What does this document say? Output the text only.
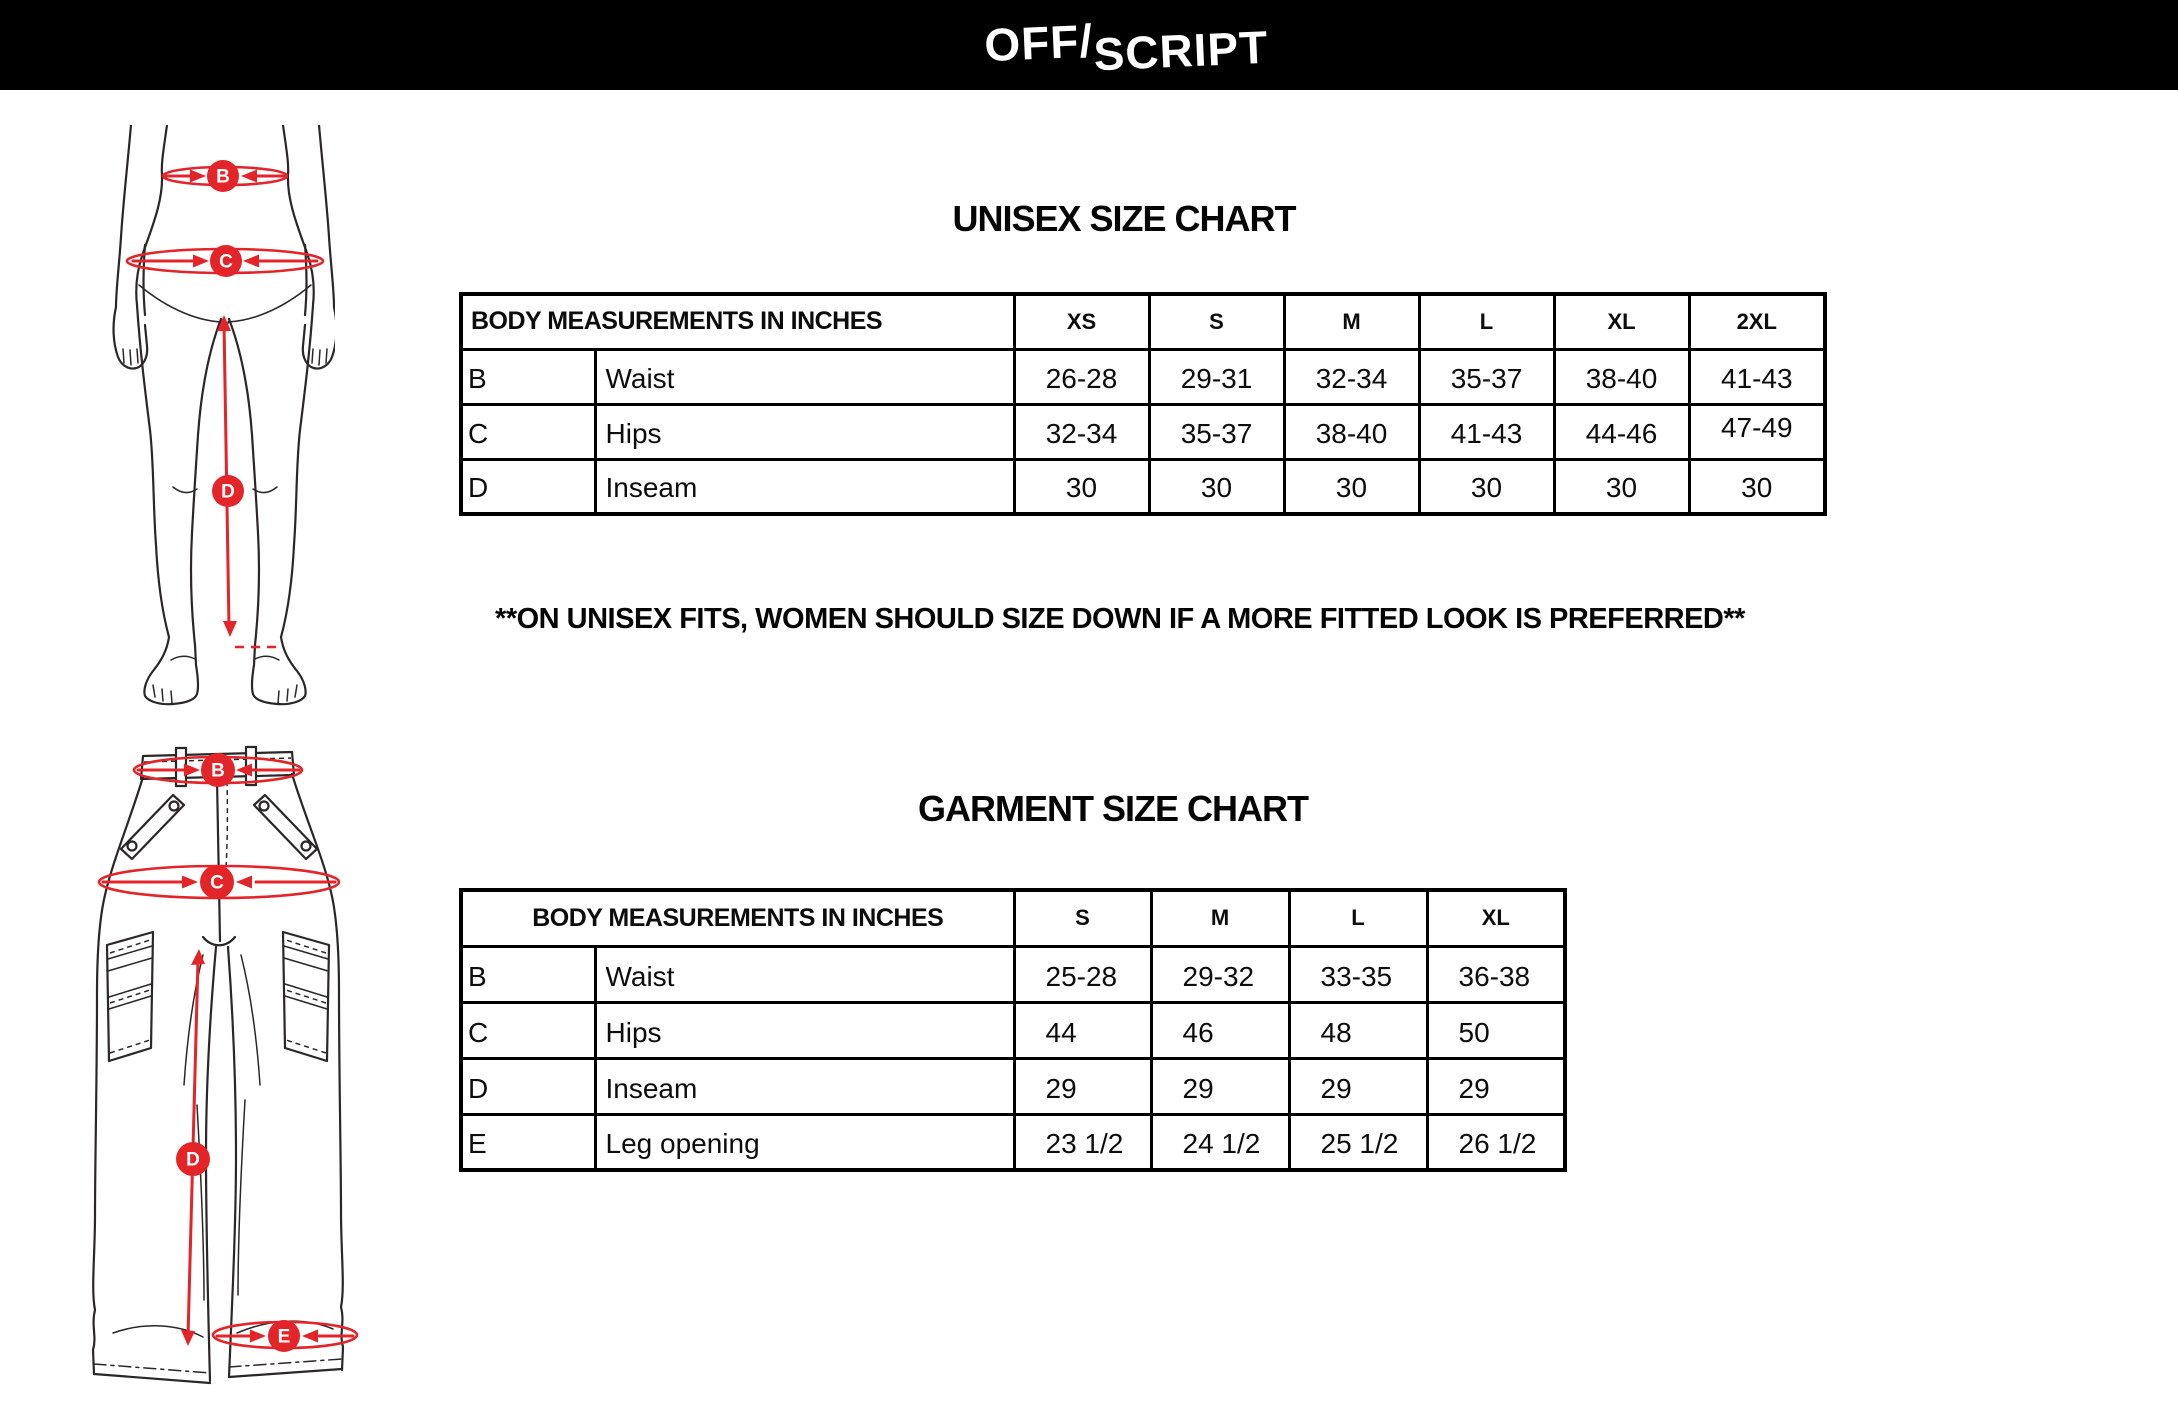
OFF/SCRIPT
B
C
D
B
C
D
E
UNISEX SIZE CHART
BODY MEASUREMENTS IN INCHES		XS	S	M	L	XL	2XL
B	Waist	26-28	29-31	32-34	35-37	38-40	41-43
C	Hips	32-34	35-37	38-40	41-43	44-46	47-49
D	Inseam	30	30	30	30	30	30

**ON UNISEX FITS, WOMEN SHOULD SIZE DOWN IF A MORE FITTED LOOK IS PREFERRED**

GARMENT SIZE CHART
BODY MEASUREMENTS IN INCHES		S	M	L	XL
B	Waist	25-28	29-32	33-35	36-38
C	Hips	44	46	48	50
D	Inseam	29	29	29	29
E	Leg opening	23 1/2	24 1/2	25 1/2	26 1/2
